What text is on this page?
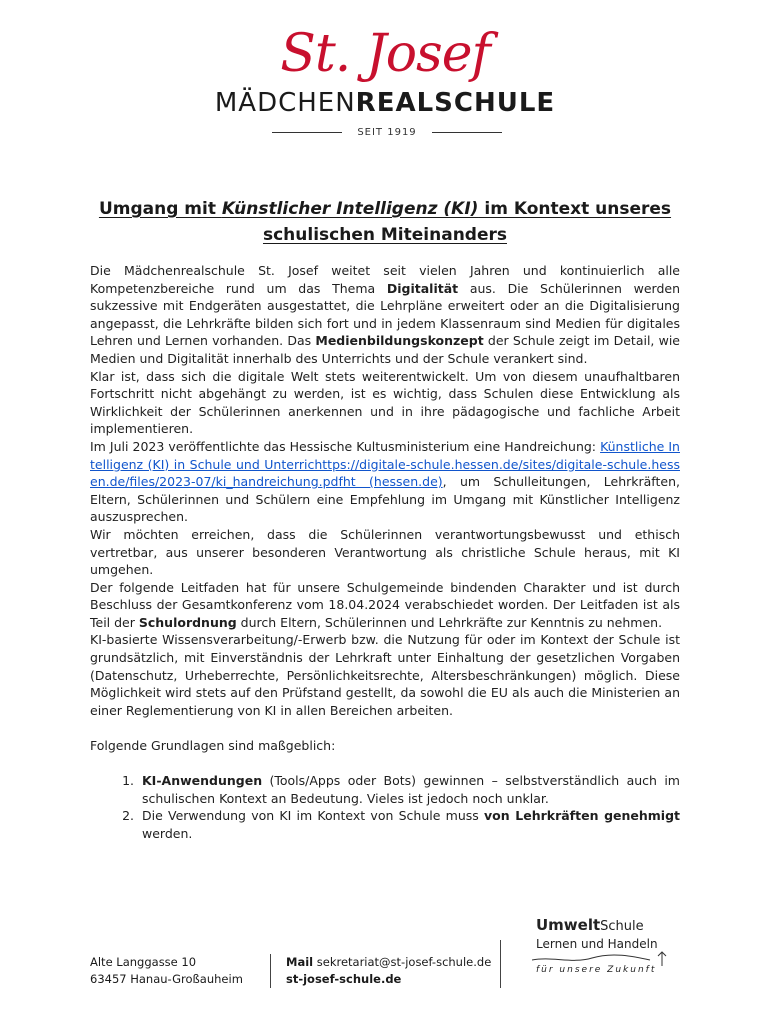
St. Josef
MÄDCHENREALSCHULE
SEIT 1919
Umgang mit Künstlicher Intelligenz (KI) im Kontext unseres schulischen Miteinanders

Die Mädchenrealschule St. Josef weitet seit vielen Jahren und kontinuierlich alle Kompetenzbereiche rund um das Thema Digitalität aus. Die Schülerinnen werden sukzessive mit Endgeräten ausgestattet, die Lehrpläne erweitert oder an die Digitalisierung angepasst, die Lehrkräfte bilden sich fort und in jedem Klassenraum sind Medien für digitales Lehren und Lernen vorhanden. Das Medienbildungskonzept der Schule zeigt im Detail, wie Medien und Digitalität innerhalb des Unterrichts und der Schule verankert sind.

Klar ist, dass sich die digitale Welt stets weiterentwickelt. Um von diesem unaufhaltbaren Fortschritt nicht abgehängt zu werden, ist es wichtig, dass Schulen diese Entwicklung als Wirklichkeit der Schülerinnen anerkennen und in ihre pädagogische und fachliche Arbeit implementieren.

Im Juli 2023 veröffentlichte das Hessische Kultusministerium eine Handreichung: Künstliche Intelligenz (KI) in Schule und Unterrichttps://digitale-schule.hessen.de/sites/digitale-schule.hessen.de/files/2023-07/ki_handreichung.pdfht (hessen.de), um Schulleitungen, Lehrkräften, Eltern, Schülerinnen und Schülern eine Empfehlung im Umgang mit Künstlicher Intelligenz auszusprechen.

Wir möchten erreichen, dass die Schülerinnen verantwortungsbewusst und ethisch vertretbar, aus unserer besonderen Verantwortung als christliche Schule heraus, mit KI umgehen.

Der folgende Leitfaden hat für unsere Schulgemeinde bindenden Charakter und ist durch Beschluss der Gesamtkonferenz vom 18.04.2024 verabschiedet worden. Der Leitfaden ist als Teil der Schulordnung durch Eltern, Schülerinnen und Lehrkräfte zur Kenntnis zu nehmen.

KI-basierte Wissensverarbeitung/-Erwerb bzw. die Nutzung für oder im Kontext der Schule ist grundsätzlich, mit Einverständnis der Lehrkraft unter Einhaltung der gesetzlichen Vorgaben (Datenschutz, Urheberrechte, Persönlichkeitsrechte, Altersbeschränkungen) möglich. Diese Möglichkeit wird stets auf den Prüfstand gestellt, da sowohl die EU als auch die Ministerien an einer Reglementierung von KI in allen Bereichen arbeiten.

Folgende Grundlagen sind maßgeblich:

1. KI-Anwendungen (Tools/Apps oder Bots) gewinnen – selbstverständlich auch im schulischen Kontext an Bedeutung. Vieles ist jedoch noch unklar.
2. Die Verwendung von KI im Kontext von Schule muss von Lehrkräften genehmigt werden.
Alte Langgasse 10
63457 Hanau-Großauheim
Mail sekretariat@st-josef-schule.de
st-josef-schule.de
UmweltSchule
Lernen und Handeln
für unsere Zukunft
